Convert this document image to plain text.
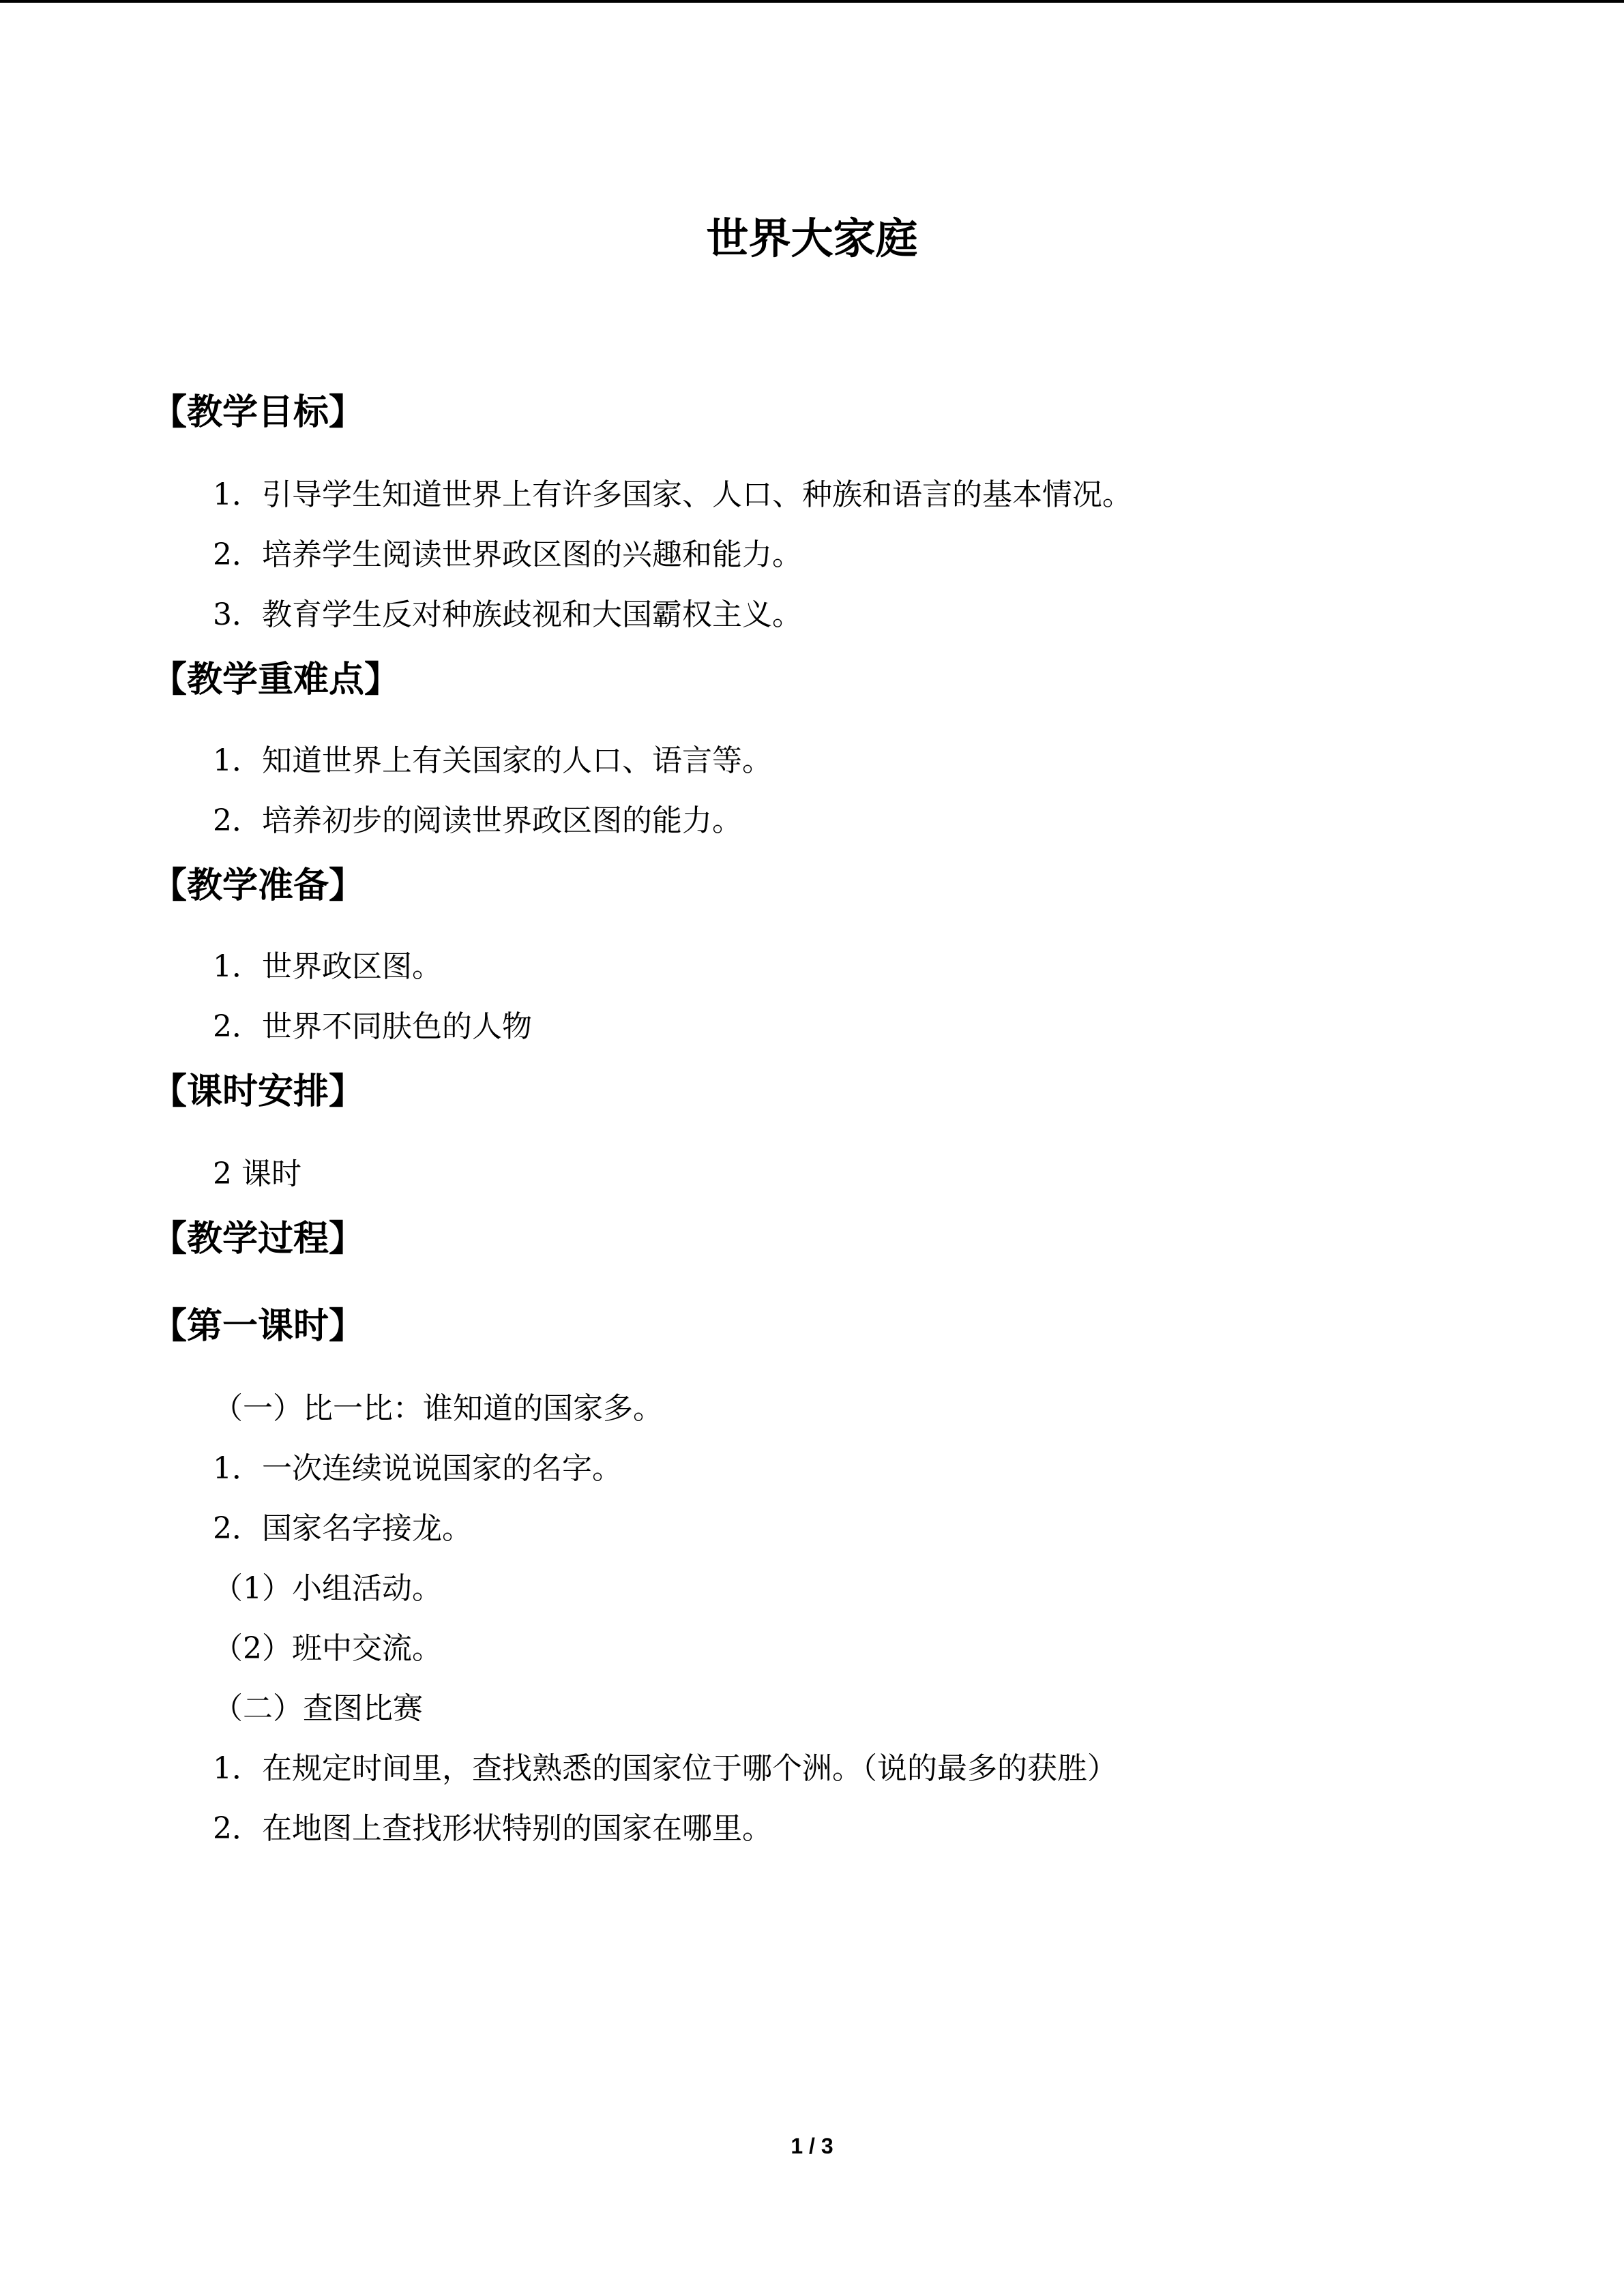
世界大家庭
【教学目标】
1．引导学生知道世界上有许多国家、人口、种族和语言的基本情况。
2．培养学生阅读世界政区图的兴趣和能力。
3．教育学生反对种族歧视和大国霸权主义。
【教学重难点】
1．知道世界上有关国家的人口、语言等。
2．培养初步的阅读世界政区图的能力。
【教学准备】
1．世界政区图。
2．世界不同肤色的人物
【课时安排】
2 课时
【教学过程】
【第一课时】
（一）比一比：谁知道的国家多。
1．一次连续说说国家的名字。
2．国家名字接龙。
（1）小组活动。
（2）班中交流。
（二）查图比赛
1．在规定时间里，查找熟悉的国家位于哪个洲。（说的最多的获胜）
2．在地图上查找形状特别的国家在哪里。
1 / 3
